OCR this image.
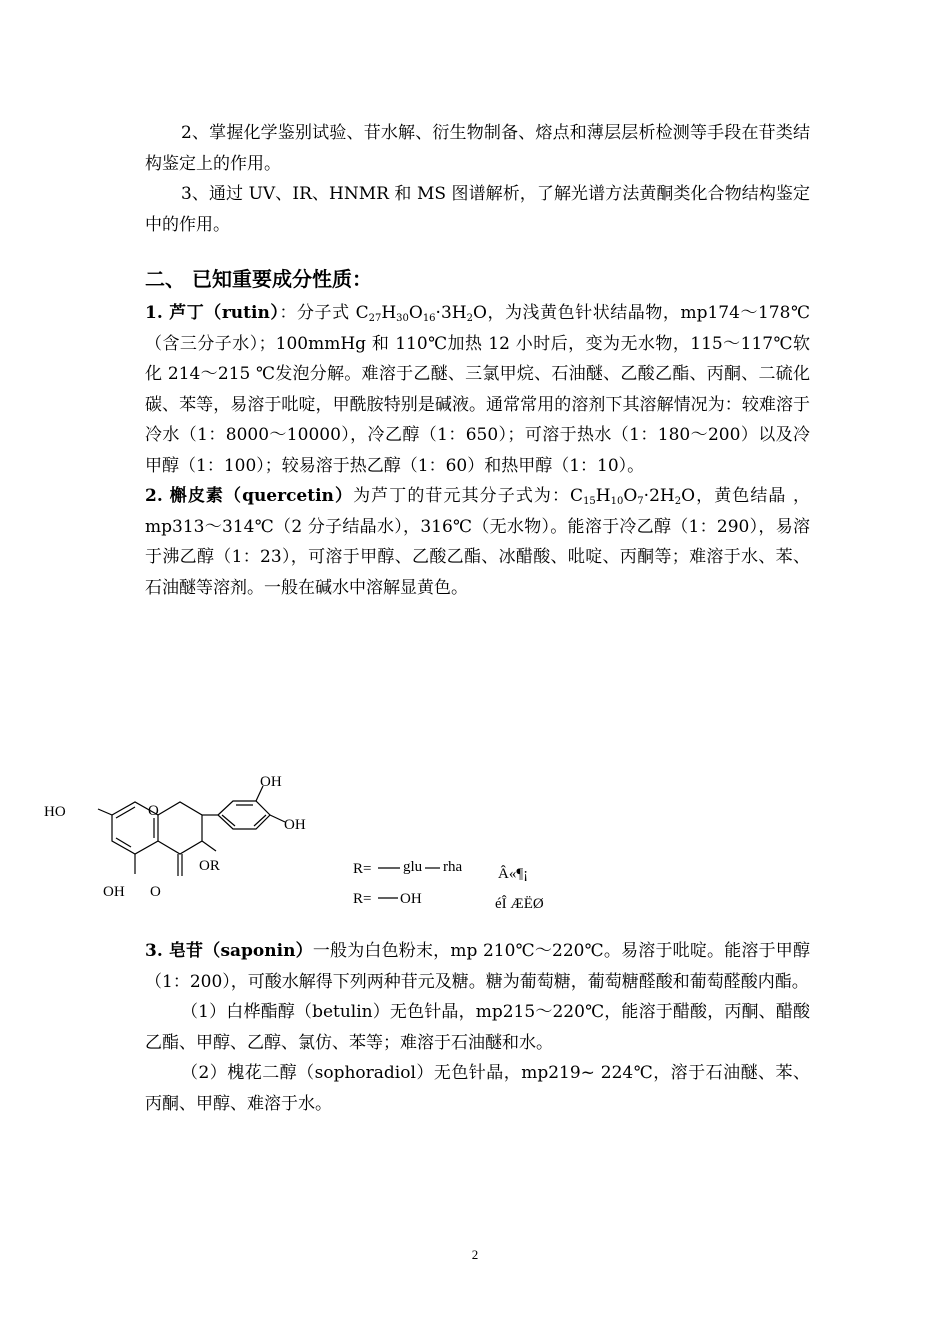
2、掌握化学鉴别试验、苷水解、衍生物制备、熔点和薄层层析检测等手段在苷类结构鉴定上的作用。

3、通过 UV、IR、HNMR 和 MS 图谱解析，了解光谱方法黄酮类化合物结构鉴定中的作用。

二、 已知重要成分性质：

1. 芦丁（rutin）：分子式 $C_{27}H_{30}O_{16}\cdot 3H_2O$，为浅黄色针状结晶物，mp174～178℃（含三分子水）；100mmHg 和 110℃加热 12 小时后，变为无水物，115～117℃软化 214～215 ℃发泡分解。难溶于乙醚、三氯甲烷、石油醚、乙酸乙酯、丙酮、二硫化碳、苯等，易溶于吡啶，甲酰胺特别是碱液。通常常用的溶剂下其溶解情况为：较难溶于冷水（1：8000～10000），冷乙醇（1：650）；可溶于热水（1：180～200）以及冷甲醇（1：100）；较易溶于热乙醇（1：60）和热甲醇（1：10）。

2. 槲皮素（quercetin）为芦丁的苷元其分子式为：$C_{15}H_{10}O_7\cdot 2H_2O$，黄色结晶 ，mp313～314℃（2 分子结晶水），316℃（无水物）。能溶于冷乙醇（1：290），易溶于沸乙醇（1：23），可溶于甲醇、乙酸乙酯、冰醋酸、吡啶、丙酮等；难溶于水、苯、石油醚等溶剂。一般在碱水中溶解显黄色。

OH
OH
HO	O
OR
OH O
R= glu rha
R= OH
Â«¶¡
éÎ ÆËØ

3. 皂苷（saponin）一般为白色粉末，mp 210℃～220℃。易溶于吡啶。能溶于甲醇（1：200），可酸水解得下列两种苷元及糖。糖为葡萄糖，葡萄糖醛酸和葡萄醛酸内酯。

（1）白桦酯醇（betulin）无色针晶，mp215～220℃，能溶于醋酸，丙酮、醋酸乙酯、甲醇、乙醇、氯仿、苯等；难溶于石油醚和水。

（2）槐花二醇（sophoradiol）无色针晶，mp219~ 224℃，溶于石油醚、苯、丙酮、甲醇、难溶于水。

2
